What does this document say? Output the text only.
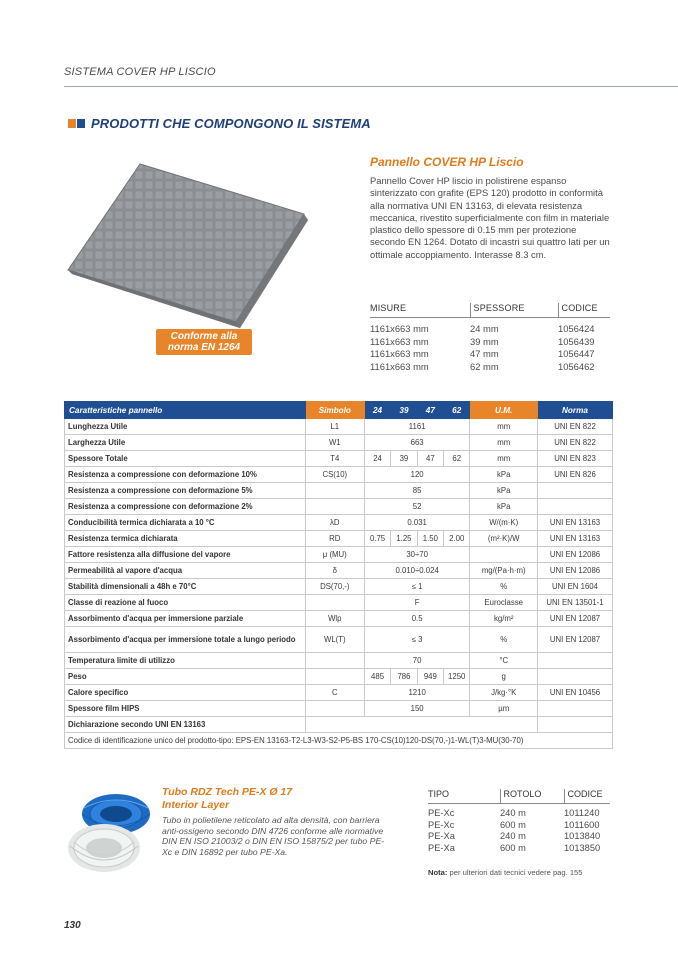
SISTEMA COVER HP LISCIO
PRODOTTI CHE COMPONGONO IL SISTEMA
Conforme alla
norma EN 1264
Pannello COVER HP Liscio
Pannello Cover HP liscio in polistirene espanso sinterizzato con grafite (EPS 120) prodotto in conformità alla normativa UNI EN 13163, di elevata resistenza meccanica, rivestito superficialmente con film in materiale plastico dello spessore di 0.15 mm per protezione secondo EN 1264. Dotato di incastri sui quattro lati per un ottimale accoppiamento. Interasse 8.3 cm.
MISURE	SPESSORE	CODICE
1161x663 mm	24 mm	1056424
1161x663 mm	39 mm	1056439
1161x663 mm	47 mm	1056447
1161x663 mm	62 mm	1056462
Caratteristiche pannello	Simbolo	24	39	47	62	U.M.	Norma
Lunghezza Utile	L1	1161				mm	UNI EN 822
Larghezza Utile	W1	663				mm	UNI EN 822
Spessore Totale	T4	24	39	47	62	mm	UNI EN 823
Resistenza a compressione con deformazione 10%	CS(10)	120				kPa	UNI EN 826
Resistenza a compressione con deformazione 5%		85				kPa	
Resistenza a compressione con deformazione 2%		52				kPa	
Conducibilità termica dichiarata a 10 °C	λD	0.031				W/(m·K)	UNI EN 13163
Resistenza termica dichiarata	RD	0.75	1.25	1.50	2.00	(m²·K)/W	UNI EN 13163
Fattore resistenza alla diffusione del vapore	μ (MU)	30÷70					UNI EN 12086
Permeabilità al vapore d'acqua	δ	0.010÷0.024				mg/(Pa·h·m)	UNI EN 12086
Stabilità dimensionali a 48h e 70°C	DS(70,-)	≤ 1				%	UNI EN 1604
Classe di reazione al fuoco		F				Euroclasse	UNI EN 13501-1
Assorbimento d'acqua per immersione parziale	Wlp	0.5				kg/m²	UNI EN 12087
Assorbimento d'acqua per immersione totale a lungo periodo	WL(T)	≤ 3				%	UNI EN 12087
Temperatura limite di utilizzo		70				°C	
Peso		485	786	949	1250	g	
Calore specifico	C	1210				J/kg·°K	UNI EN 10456
Spessore film HIPS		150				µm	
Dichiarazione secondo UNI EN 13163							
Codice di identificazione unico del prodotto-tipo: EPS-EN 13163-T2-L3-W3-S2-P5-BS 170-CS(10)120-DS(70,-)1-WL(T)3-MU(30-70)							
Tubo RDZ Tech PE-X Ø 17
Interior Layer
Tubo in polietilene reticolato ad alta densità, con barriera anti-ossigeno secondo DIN 4726 conforme alle normative DIN EN ISO 21003/2 o DIN EN ISO 15875/2 per tubo PE-Xc e DIN 16892 per tubo PE-Xa.
TIPO	ROTOLO	CODICE
PE-Xc	240 m	1011240
PE-Xc	600 m	1011600
PE-Xa	240 m	1013840
PE-Xa	600 m	1013850
Nota: per ulteriori dati tecnici vedere pag. 155
130
